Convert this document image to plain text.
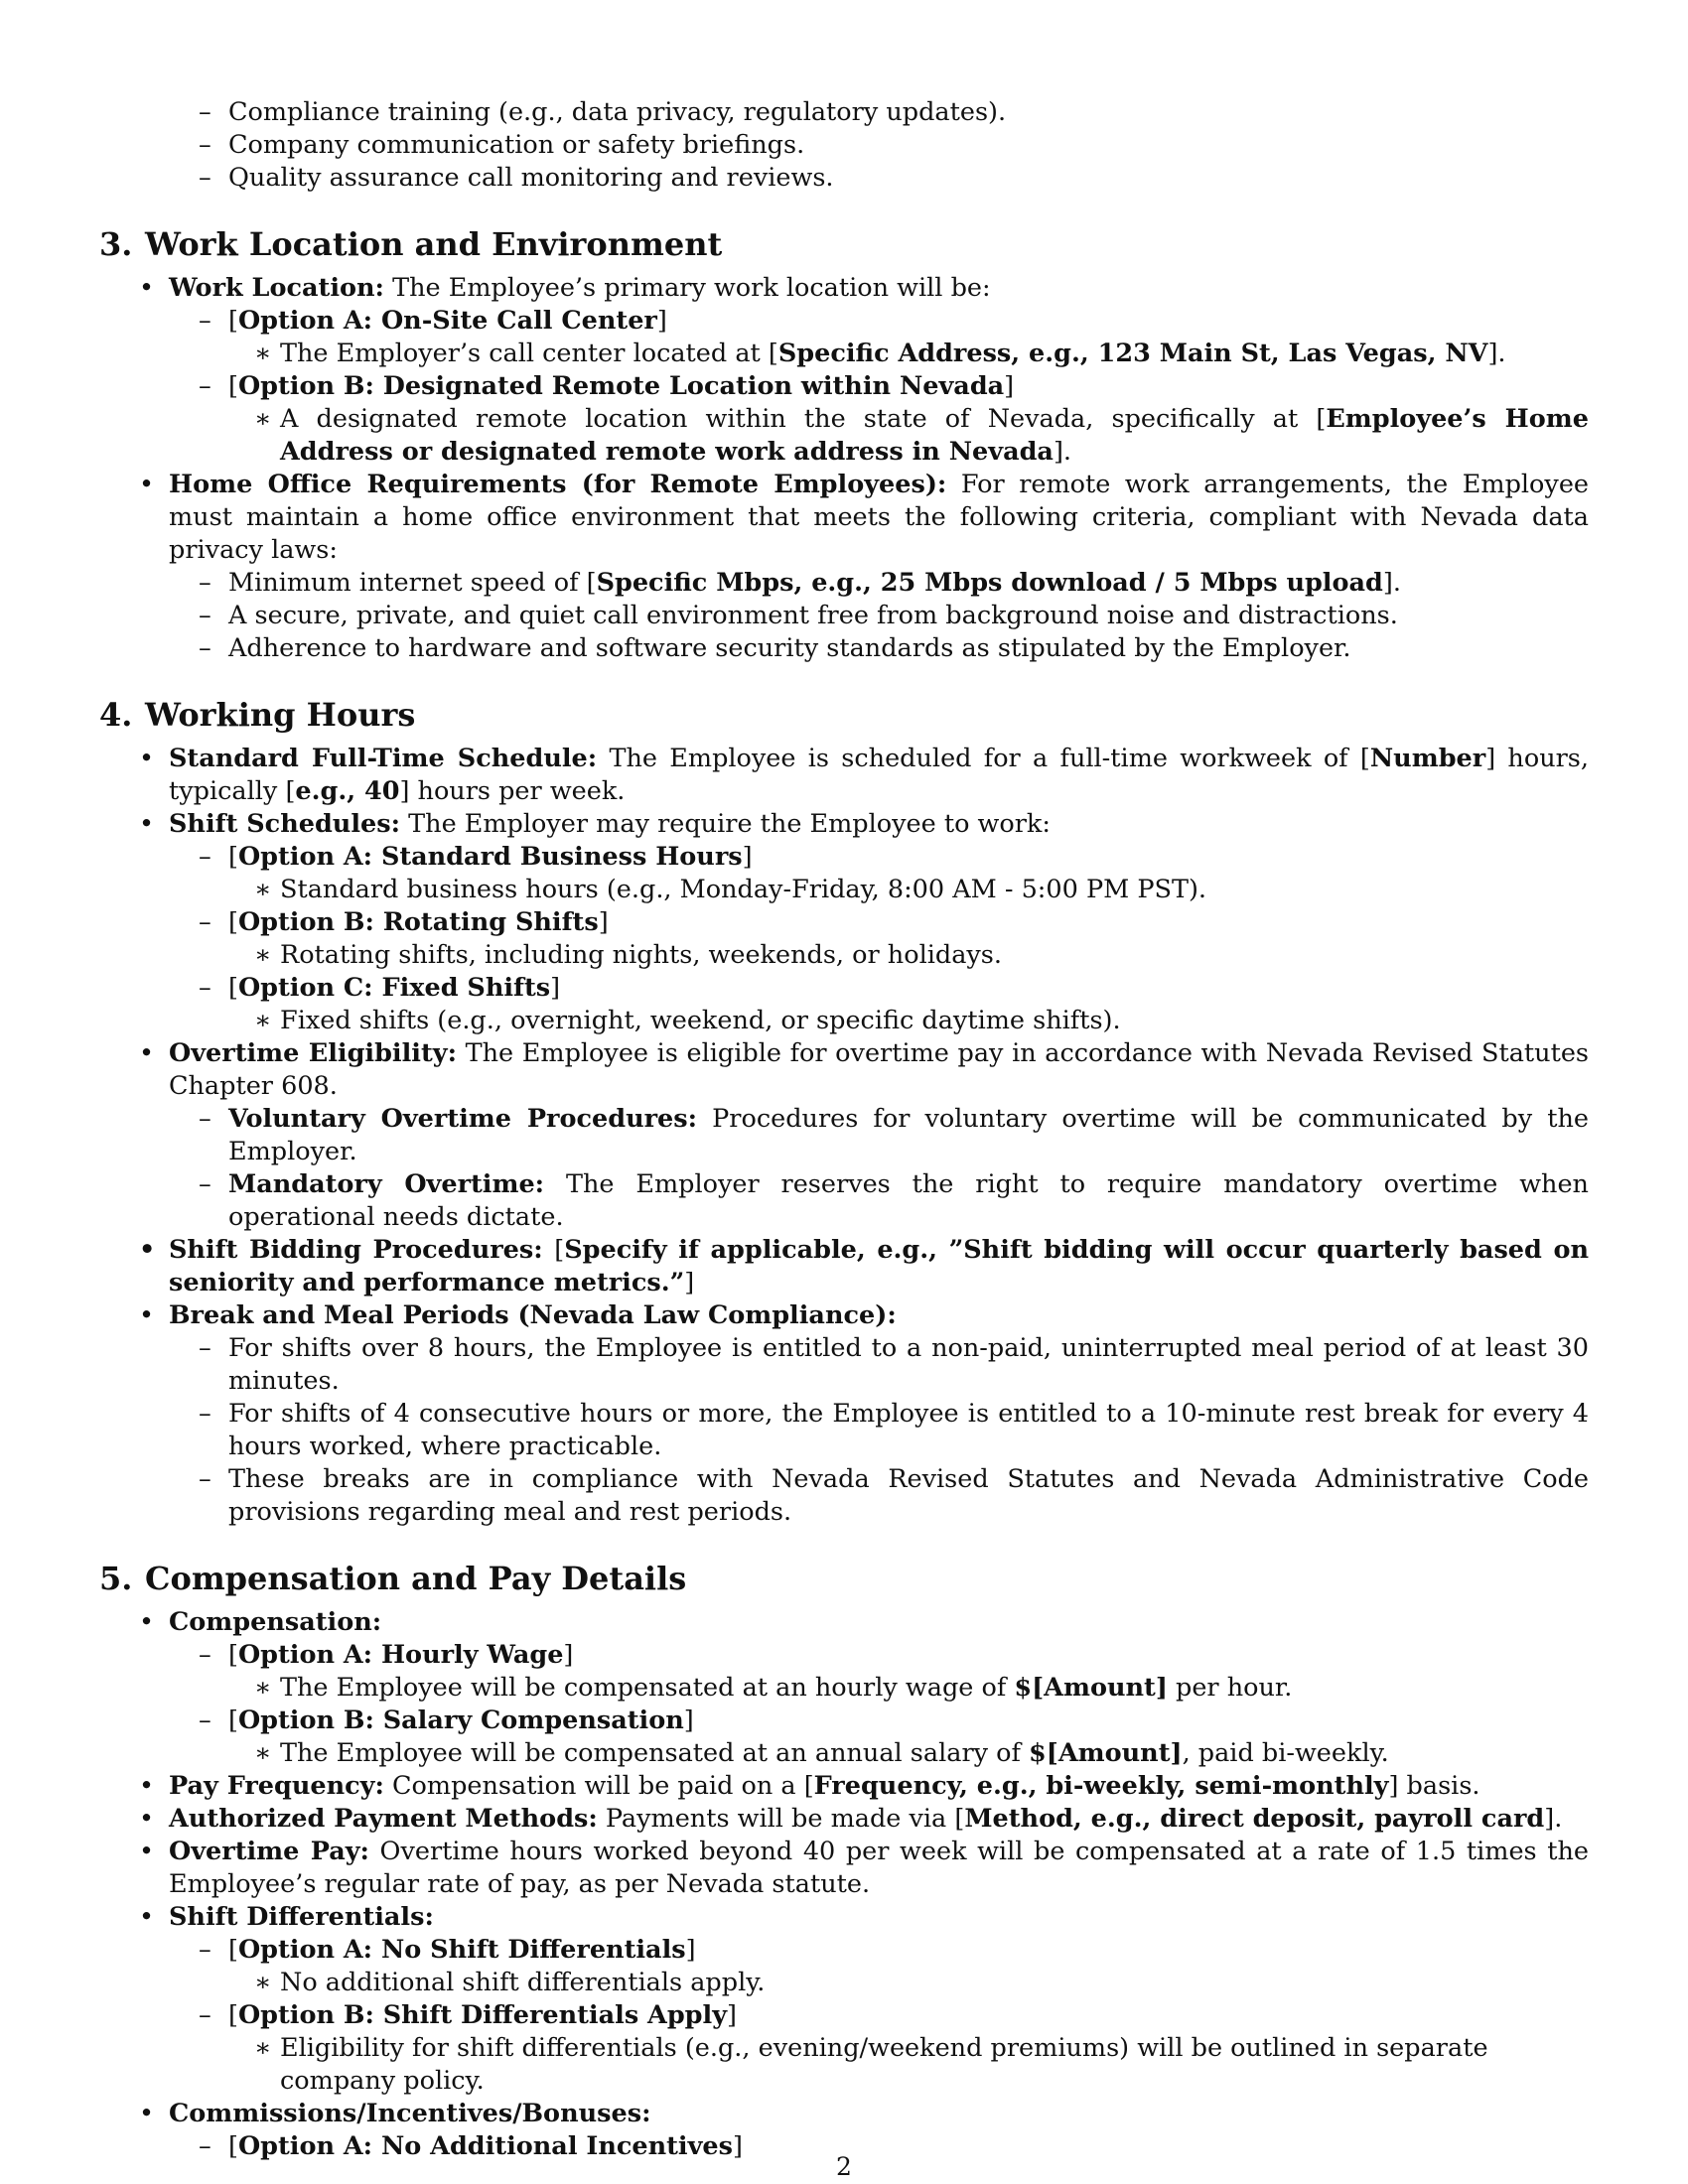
– Compliance training (e.g., data privacy, regulatory updates).
– Company communication or safety briefings.
– Quality assurance call monitoring and reviews.
3. Work Location and Environment
• Work Location: The Employee’s primary work location will be:
– [Option A: On-Site Call Center]
∗ The Employer’s call center located at [Specific Address, e.g., 123 Main St, Las Vegas, NV].
– [Option B: Designated Remote Location within Nevada]
∗ A designated remote location within the state of Nevada, specifically at [Employee’s Home Address or designated remote work address in Nevada].
• Home Office Requirements (for Remote Employees): For remote work arrangements, the Employee must maintain a home office environment that meets the following criteria, compliant with Nevada data privacy laws:
– Minimum internet speed of [Specific Mbps, e.g., 25 Mbps download / 5 Mbps upload].
– A secure, private, and quiet call environment free from background noise and distractions.
– Adherence to hardware and software security standards as stipulated by the Employer.
4. Working Hours
• Standard Full-Time Schedule: The Employee is scheduled for a full-time workweek of [Number] hours, typically [e.g., 40] hours per week.
• Shift Schedules: The Employer may require the Employee to work:
– [Option A: Standard Business Hours]
∗ Standard business hours (e.g., Monday-Friday, 8:00 AM - 5:00 PM PST).
– [Option B: Rotating Shifts]
∗ Rotating shifts, including nights, weekends, or holidays.
– [Option C: Fixed Shifts]
∗ Fixed shifts (e.g., overnight, weekend, or specific daytime shifts).
• Overtime Eligibility: The Employee is eligible for overtime pay in accordance with Nevada Revised Statutes Chapter 608.
– Voluntary Overtime Procedures: Procedures for voluntary overtime will be communicated by the Employer.
– Mandatory Overtime: The Employer reserves the right to require mandatory overtime when operational needs dictate.
• Shift Bidding Procedures: [Specify if applicable, e.g., ”Shift bidding will occur quarterly based on seniority and performance metrics.”]
• Break and Meal Periods (Nevada Law Compliance):
– For shifts over 8 hours, the Employee is entitled to a non-paid, uninterrupted meal period of at least 30 minutes.
– For shifts of 4 consecutive hours or more, the Employee is entitled to a 10-minute rest break for every 4 hours worked, where practicable.
– These breaks are in compliance with Nevada Revised Statutes and Nevada Administrative Code provisions regarding meal and rest periods.
5. Compensation and Pay Details
• Compensation:
– [Option A: Hourly Wage]
∗ The Employee will be compensated at an hourly wage of $[Amount] per hour.
– [Option B: Salary Compensation]
∗ The Employee will be compensated at an annual salary of $[Amount], paid bi-weekly.
• Pay Frequency: Compensation will be paid on a [Frequency, e.g., bi-weekly, semi-monthly] basis.
• Authorized Payment Methods: Payments will be made via [Method, e.g., direct deposit, payroll card].
• Overtime Pay: Overtime hours worked beyond 40 per week will be compensated at a rate of 1.5 times the Employee’s regular rate of pay, as per Nevada statute.
• Shift Differentials:
– [Option A: No Shift Differentials]
∗ No additional shift differentials apply.
– [Option B: Shift Differentials Apply]
∗ Eligibility for shift differentials (e.g., evening/weekend premiums) will be outlined in separate company policy.
• Commissions/Incentives/Bonuses:
– [Option A: No Additional Incentives]
2
